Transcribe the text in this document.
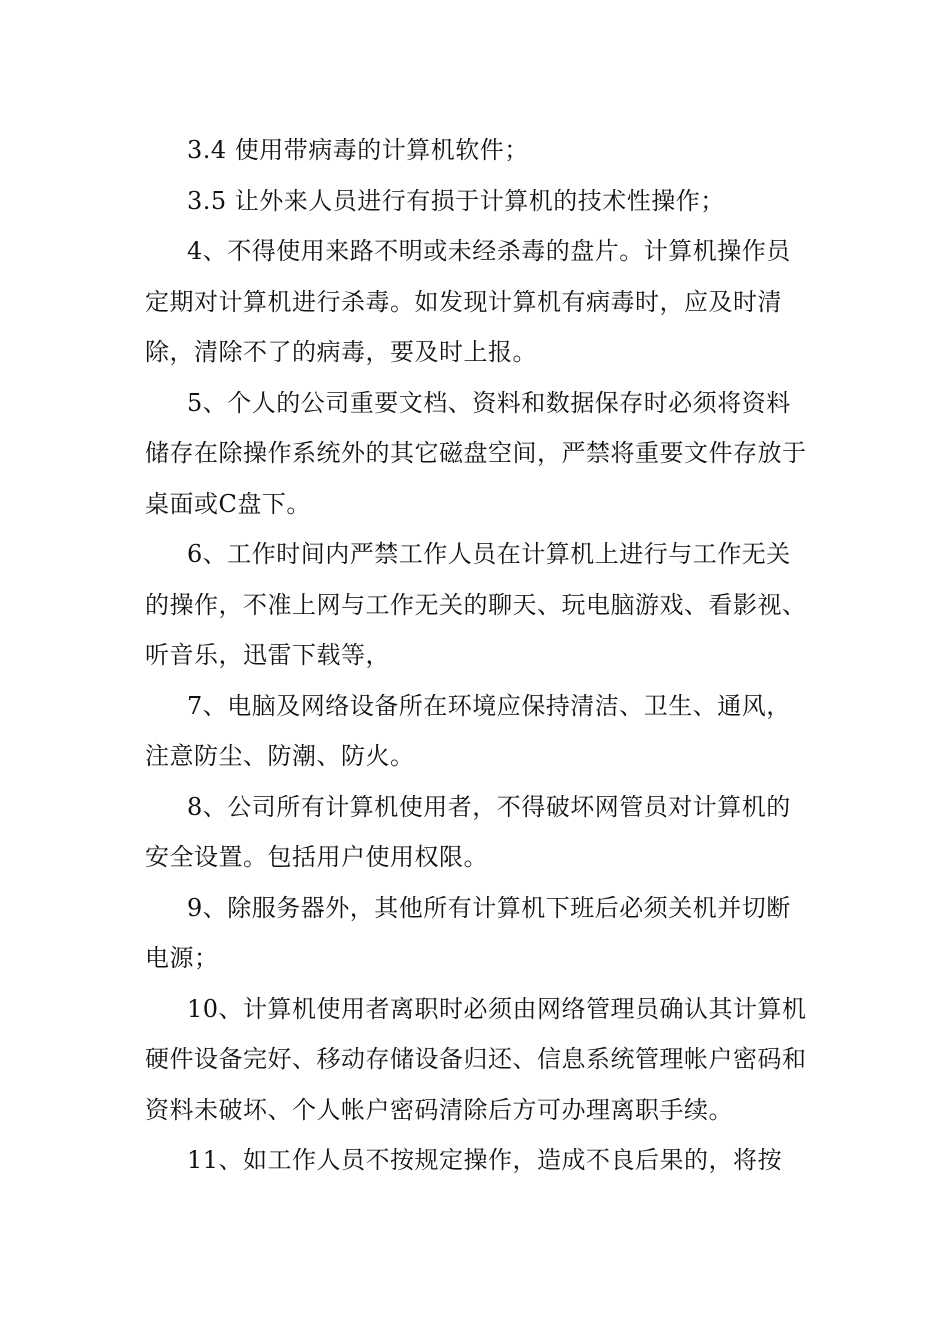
3.4 使用带病毒的计算机软件；

3.5 让外来人员进行有损于计算机的技术性操作；

4、不得使用来路不明或未经杀毒的盘片。计算机操作员定期对计算机进行杀毒。如发现计算机有病毒时，应及时清除，清除不了的病毒，要及时上报。

5、个人的公司重要文档、资料和数据保存时必须将资料储存在除操作系统外的其它磁盘空间，严禁将重要文件存放于桌面或C盘下。

6、工作时间内严禁工作人员在计算机上进行与工作无关的操作，不准上网与工作无关的聊天、玩电脑游戏、看影视、听音乐，迅雷下载等，

7、电脑及网络设备所在环境应保持清洁、卫生、通风，注意防尘、防潮、防火。

8、公司所有计算机使用者，不得破坏网管员对计算机的安全设置。包括用户使用权限。

9、除服务器外，其他所有计算机下班后必须关机并切断电源；

10、计算机使用者离职时必须由网络管理员确认其计算机硬件设备完好、移动存储设备归还、信息系统管理帐户密码和资料未破坏、个人帐户密码清除后方可办理离职手续。

11、如工作人员不按规定操作，造成不良后果的，将按
